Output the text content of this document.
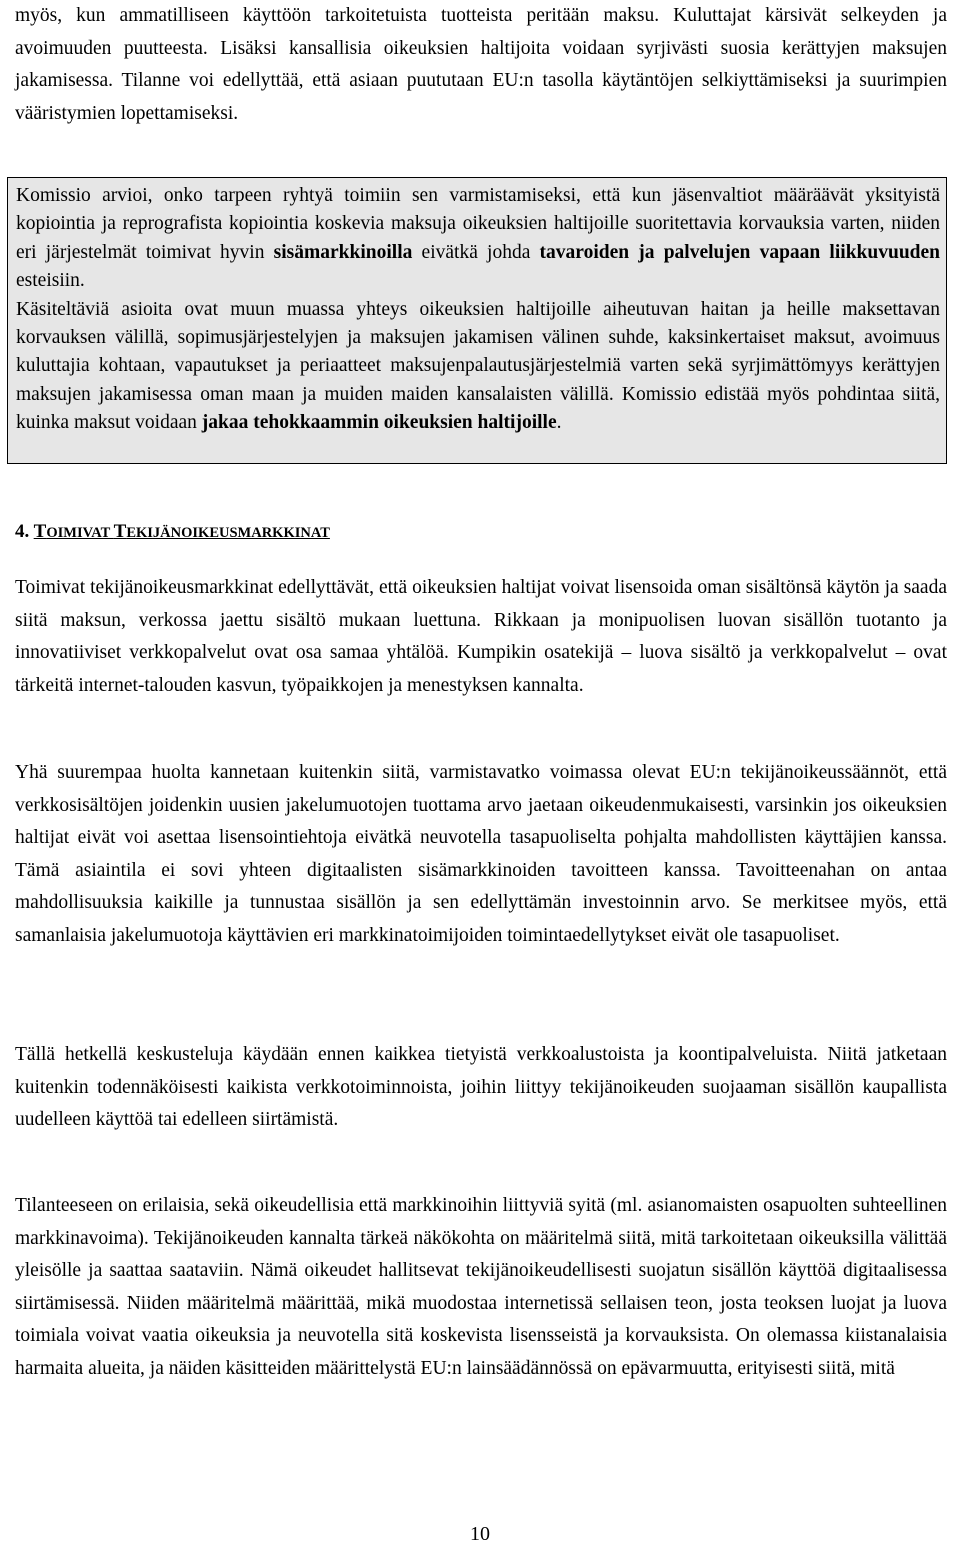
myös, kun ammatilliseen käyttöön tarkoitetuista tuotteista peritään maksu. Kuluttajat kärsivät selkeyden ja avoimuuden puutteesta. Lisäksi kansallisia oikeuksien haltijoita voidaan syrjivästi suosia kerättyjen maksujen jakamisessa. Tilanne voi edellyttää, että asiaan puututaan EU:n tasolla käytäntöjen selkiyttämiseksi ja suurimpien vääristymien lopettamiseksi.

Komissio arvioi, onko tarpeen ryhtyä toimiin sen varmistamiseksi, että kun jäsenvaltiot määräävät yksityistä kopiointia ja reprografista kopiointia koskevia maksuja oikeuksien haltijoille suoritettavia korvauksia varten, niiden eri järjestelmät toimivat hyvin sisämarkkinoilla eivätkä johda tavaroiden ja palvelujen vapaan liikkuvuuden esteisiin.

Käsiteltäviä asioita ovat muun muassa yhteys oikeuksien haltijoille aiheutuvan haitan ja heille maksettavan korvauksen välillä, sopimusjärjestelyjen ja maksujen jakamisen välinen suhde, kaksinkertaiset maksut, avoimuus kuluttajia kohtaan, vapautukset ja periaatteet maksujenpalautusjärjestelmiä varten sekä syrjimättömyys kerättyjen maksujen jakamisessa oman maan ja muiden maiden kansalaisten välillä. Komissio edistää myös pohdintaa siitä, kuinka maksut voidaan jakaa tehokkaammin oikeuksien haltijoille.

4. TOIMIVAT TEKIJÄNOIKEUSMARKKINAT

Toimivat tekijänoikeusmarkkinat edellyttävät, että oikeuksien haltijat voivat lisensoida oman sisältönsä käytön ja saada siitä maksun, verkossa jaettu sisältö mukaan luettuna. Rikkaan ja monipuolisen luovan sisällön tuotanto ja innovatiiviset verkkopalvelut ovat osa samaa yhtälöä. Kumpikin osatekijä – luova sisältö ja verkkopalvelut – ovat tärkeitä internet-talouden kasvun, työpaikkojen ja menestyksen kannalta.

Yhä suurempaa huolta kannetaan kuitenkin siitä, varmistavatko voimassa olevat EU:n tekijänoikeussäännöt, että verkkosisältöjen joidenkin uusien jakelumuotojen tuottama arvo jaetaan oikeudenmukaisesti, varsinkin jos oikeuksien haltijat eivät voi asettaa lisensointiehtoja eivätkä neuvotella tasapuoliselta pohjalta mahdollisten käyttäjien kanssa. Tämä asiaintila ei sovi yhteen digitaalisten sisämarkkinoiden tavoitteen kanssa. Tavoitteenahan on antaa mahdollisuuksia kaikille ja tunnustaa sisällön ja sen edellyttämän investoinnin arvo. Se merkitsee myös, että samanlaisia jakelumuotoja käyttävien eri markkinatoimijoiden toimintaedellytykset eivät ole tasapuoliset.

Tällä hetkellä keskusteluja käydään ennen kaikkea tietyistä verkkoalustoista ja koontipalveluista. Niitä jatketaan kuitenkin todennäköisesti kaikista verkkotoiminnoista, joihin liittyy tekijänoikeuden suojaaman sisällön kaupallista uudelleen käyttöä tai edelleen siirtämistä.

Tilanteeseen on erilaisia, sekä oikeudellisia että markkinoihin liittyviä syitä (ml. asianomaisten osapuolten suhteellinen markkinavoima). Tekijänoikeuden kannalta tärkeä näkökohta on määritelmä siitä, mitä tarkoitetaan oikeuksilla välittää yleisölle ja saattaa saataviin. Nämä oikeudet hallitsevat tekijänoikeudellisesti suojatun sisällön käyttöä digitaalisessa siirtämisessä. Niiden määritelmä määrittää, mikä muodostaa internetissä sellaisen teon, josta teoksen luojat ja luova toimiala voivat vaatia oikeuksia ja neuvotella sitä koskevista lisensseistä ja korvauksista. On olemassa kiistanalaisia harmaita alueita, ja näiden käsitteiden määrittelystä EU:n lainsäädännössä on epävarmuutta, erityisesti siitä, mitä

10
